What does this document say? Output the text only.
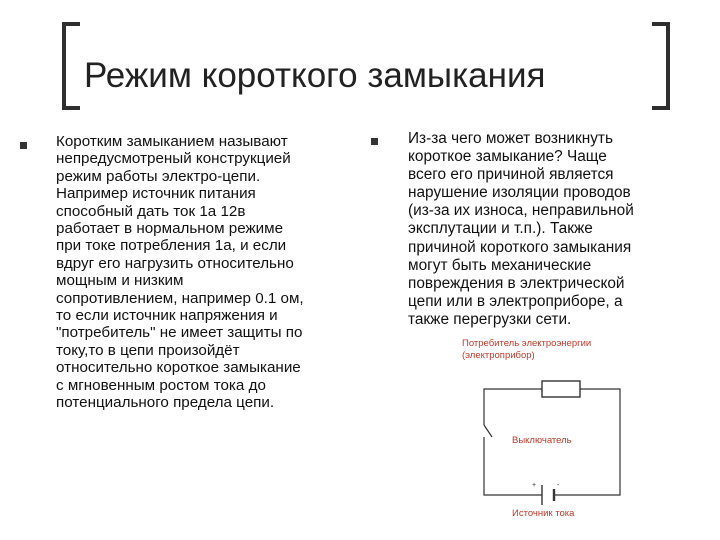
Режим короткого замыкания
Коротким замыканием называют
непредусмотреный конструкцией
режим работы электро-цепи.
Например источник питания
способный дать ток 1а 12в
работает в нормальном режиме
при токе потребления 1а, и если
вдруг его нагрузить относительно
мощным и низким
сопротивлением, например 0.1 ом,
то если источник напряжения и
"потребитель" не имеет защиты по
току,то в цепи произойдёт
относительно короткое замыкание
с мгновенным ростом тока до
потенциального предела цепи.
Из-за чего может возникнуть
короткое замыкание? Чаще
всего его причиной является
нарушение изоляции проводов
(из-за их износа, неправильной
эксплутации и т.п.). Также
причиной короткого замыкания
могут быть механические
повреждения в электрической
цепи или в электроприборе, а
также перегрузки сети.
Потребитель электроэнергии
(электроприбор)
Выключатель
+	-
Источник тока
